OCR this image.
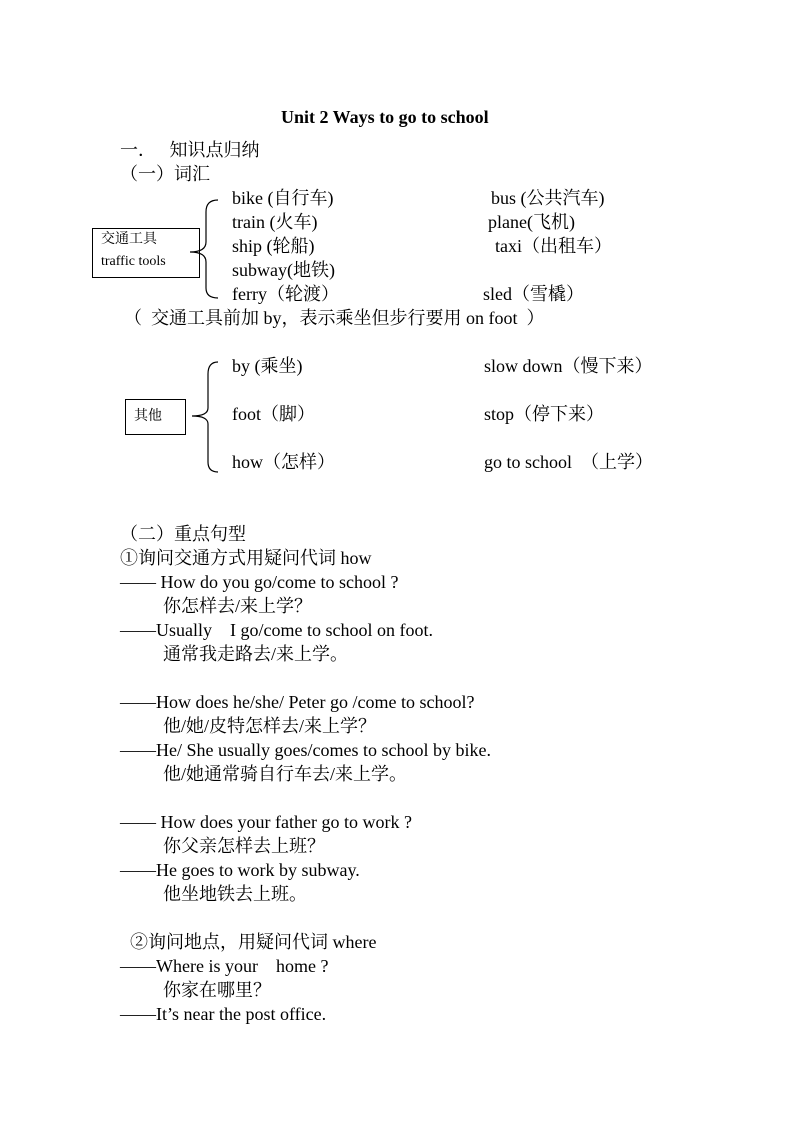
Unit 2 Ways to go to school
一．   知识点归纳
（一）词汇
交通工具
traffic tools
bike (自行车)
train (火车)
ship (轮船)
subway(地铁)
ferry（轮渡）
bus (公共汽车)
plane(飞机)
taxi（出租车）
sled（雪橇）
（  交通工具前加 by，表示乘坐但步行要用 on foot  ）
其他
by (乘坐)
foot（脚）
how（怎样）
slow down（慢下来）
stop（停下来）
go to school  （上学）
（二）重点句型
①询问交通方式用疑问代词 how
—— How do you go/come to school ?
你怎样去/来上学？
——Usually    I go/come to school on foot.
通常我走路去/来上学。
——How does he/she/ Peter go /come to school?
他/她/皮特怎样去/来上学？
——He/ She usually goes/comes to school by bike.
他/她通常骑自行车去/来上学。
—— How does your father go to work ?
你父亲怎样去上班？
——He goes to work by subway.
他坐地铁去上班。
②询问地点，用疑问代词 where
——Where is your    home ?
你家在哪里？
——It’s near the post office.
